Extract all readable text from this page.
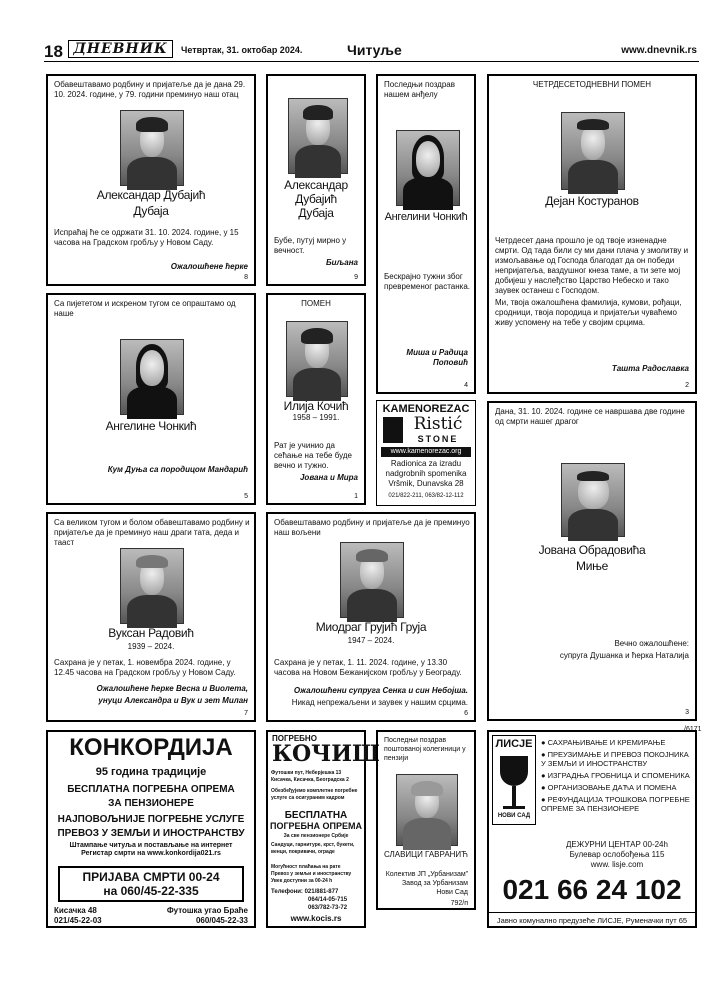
18 ДНЕВНИК	Четвртак, 31. октобар 2024.	Читуље	www.dnevnik.rs
Обавештавамо родбину и пријатеље да је дана 29. 10. 2024. године, у 79. години преминуо наш отац
Александар Дубајић
Дубаја
Испраћај ће се одржати 31. 10. 2024. године, у 15 часова на Градском гробљу у Новом Саду.
Ожалошћене ћерке
8
Александар
Дубајић
Дубаја
Бубе, путуј мирно у вечност.
Биљана
9
Последњи поздрав нашем анђелу
Ангелини Чонкић
Бескрајно тужни због превременог растанка.
Миша и Радица Поповић
4
ЧЕТРДЕСЕТОДНЕВНИ ПОМЕН
Дејан Костуранов
Четрдесет дана прошло је од твоје изненадне смрти. Од тада били су ми дани плача у змолитву и измољавање од Господа благодат да он победи непријатеља, ваздушног кнеза таме, а ти зете мој добијеш у наслеђство Царство Небеско и тако заувек останеш с Господом.
Ми, твоја ожалошћена фамилија, кумови, рођаци, сродници, твоја породица и пријатељи чуваћемо живу успомену на тебе у својим срцима.
Ташта Радославка
2
Са пијететом и искреном тугом се опраштамо од наше
Ангелине Чонкић
Кум Дуња са породицом Мандарић
5
ПОМЕН
Илија Кочић
1958 – 1991.
Рат је учинио да сећање на тебе буде вечно и тужно.
Јована и Мира
1
KAMENOREZAC
Ristić
STONE
www.kamenorezac.org
Radionica za izradu
nadgrobnih spomenika
Vršmik, Dunavska 28
021/822-211, 063/82-12-112
Дана, 31. 10. 2024. године се навршава две године од смрти нашег драгог
Јована Обрадовића
Миње
Вечно ожалошћене:
супруга Душанка и ћерка Наталија
3
/6171
Са великом тугом и болом обавештавамо родбину и пријатеље да је преминуо наш драги тата, деда и тааст
Вуксан Радовић
1939 – 2024.
Сахрана је у петак, 1. новембра 2024. године, у 12.45 часова на Градском гробљу у Новом Саду.
Ожалошћене ћерке Весна и Виолета,
унуци Александра и Вук и зет Милан
7
Обавештавамо родбину и пријатеље да је преминуо наш вољени
Миодраг Грујић Груја
1947 – 2024.
Сахрана је у петак, 1. 11. 2024. године, у 13.30 часова на Новом Бежанијском гробљу у Београду.
Ожалошћени супруга Сенка и син Небојша.
Никад непрежаљени и заувек у нашим срцима.
6
КОНКОРДИЈА
95 година традиције
БЕСПЛАТНА ПОГРЕБНА ОПРЕМА
ЗА ПЕНЗИОНЕРЕ
НАЈПОВОЉНИЈЕ ПОГРЕБНЕ УСЛУГЕ
ПРЕВОЗ У ЗЕМЉИ И ИНОСТРАНСТВУ
Штампање читуља и постављање на интернет
Регистар смрти на www.konkordija021.rs
ПРИЈАВА СМРТИ 00-24
на 060/45-22-335
Кисачка 48
021/45-22-03
Футошка угао Браће
060/045-22-33
ПОГРЕБНО
КОЧИШ
Футошки пут, Неберјешка 13
Кисачка, Кисачка, Београдска 2
Обезбеђујемо комплетне погребне услуге са осигураним кадром
БЕСПЛАТНА
ПОГРЕБНА ОПРЕМА
За све пензионере Србије
Сандуци, гарнитуре, крст, букети, венци, покривачи, ограде
Могућност плаћања на рате
Превоз у земљи и иностранству
Увек доступни за 00-24 h
Телефони: 021/881-877
064/14-05-715
063/782-73-72
www.kocis.rs
Последњи поздрав поштованој колегиници у пензији
СЛАВИЦИ ГАВРАНИЋ
Колектив ЈП „Урбанизам”
Завод за Урбанизам
Нови Сад
792/п
ЛИСЈЕ
НОВИ САД
● САХРАЊИВАЊЕ И КРЕМИРАЊЕ
● ПРЕУЗИМАЊЕ И ПРЕВОЗ ПОКОЈНИКА У ЗЕМЉИ И ИНОСТРАНСТВУ
● ИЗГРАДЊА ГРОБНИЦА И СПОМЕНИКА
● ОРГАНИЗОВАЊЕ ДАЋА И ПОМЕНА
● РЕФУНДАЦИЈА ТРОШКОВА ПОГРЕБНЕ ОПРЕМЕ ЗА ПЕНЗИОНЕРЕ
ДЕЖУРНИ ЦЕНТАР 00-24h
Булевар ослобођења 115
www. lisje.com
021 66 24 102
Јавно комунално предузеће ЛИСЈЕ, Руменачки пут 65
